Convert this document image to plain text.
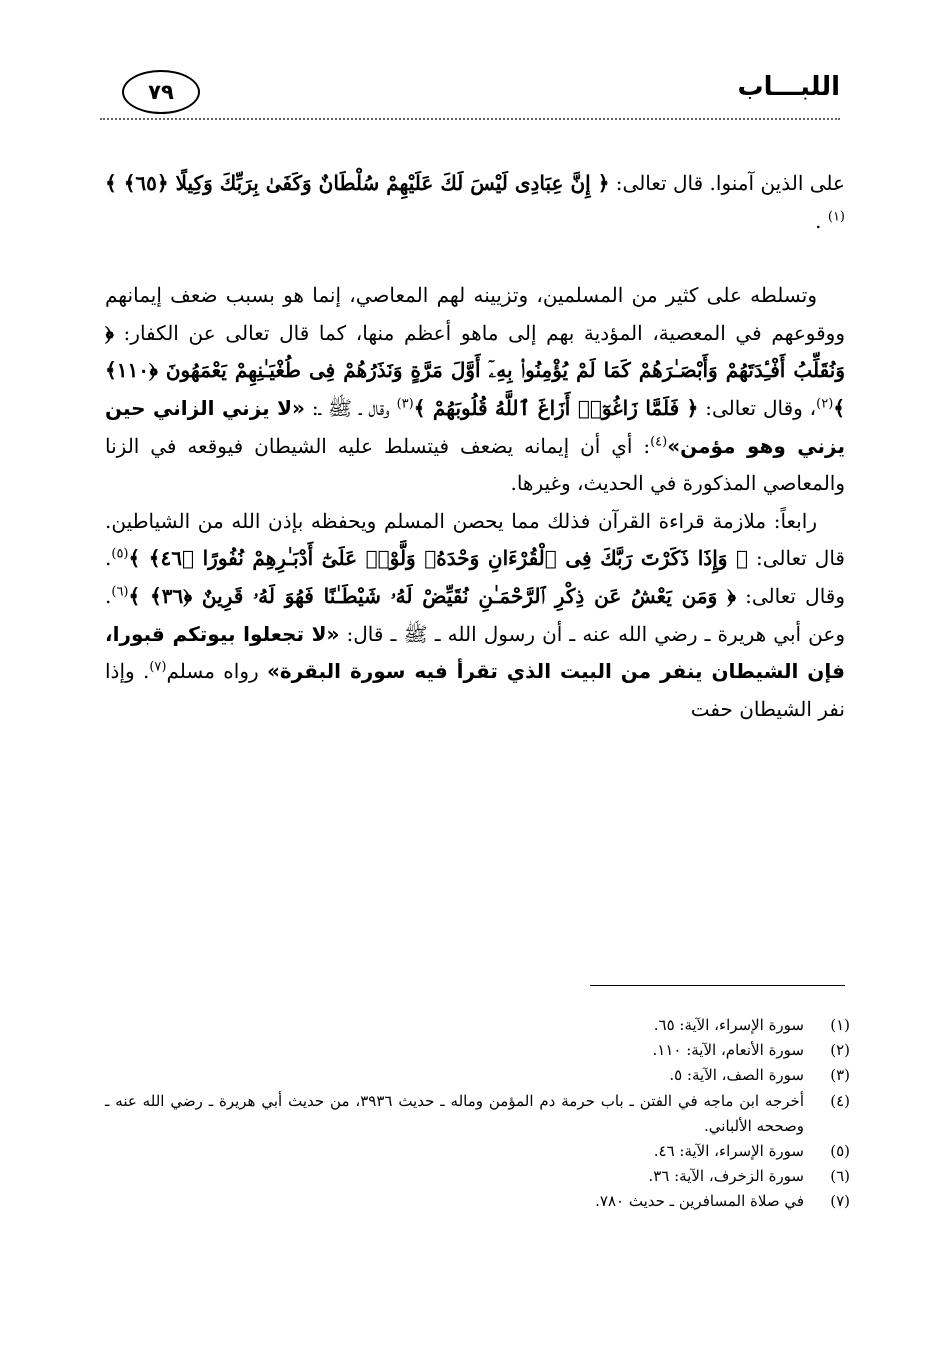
اللبـــاب
٧٩

على الذين آمنوا. قال تعالى: ﴿ إِنَّ عِبَادِى لَيْسَ لَكَ عَلَيْهِمْ سُلْطَانٌ وَكَفَىٰ بِرَبِّكَ وَكِيلًا ﴿٦٥﴾ ﴾$^{(١)}$ .

وتسلطه على كثير من المسلمين، وتزيينه لهم المعاصي، إنما هو بسبب ضعف إيمانهم ووقوعهم في المعصية، المؤدية بهم إلى ماهو أعظم منها، كما قال تعالى عن الكفار: ﴿ وَنُقَلِّبُ أَفْـِٔدَتَهُمْ وَأَبْصَـٰرَهُمْ كَمَا لَمْ يُؤْمِنُوا۟ بِهِۦٓ أَوَّلَ مَرَّةٍ وَنَذَرُهُمْ فِى طُغْيَـٰنِهِمْ يَعْمَهُونَ ﴿١١٠﴾ ﴾$^{(٢)}$، وقال تعالى: ﴿ فَلَمَّا زَاغُوٓا۟ أَزَاغَ ٱللَّهُ قُلُوبَهُمْ ﴾$^{(٣)}$ وقال ـ ﷺ ـ: «لا يزني الزاني حين يزني وهو مؤمن»$^{(٤)}$: أي أن إيمانه يضعف فيتسلط عليه الشيطان فيوقعه في الزنا والمعاصي المذكورة في الحديث، وغيرها.

رابعاً: ملازمة قراءة القرآن فذلك مما يحصن المسلم ويحفظه بإذن الله من الشياطين. قال تعالى: ﴿ وَإِذَا ذَكَرْتَ رَبَّكَ فِى ٱلْقُرْءَانِ وَحْدَهُۥ وَلَّوْا۟ عَلَىٰٓ أَدْبَـٰرِهِمْ نُفُورًا ﴿٤٦﴾ ﴾$^{(٥)}$. وقال تعالى: ﴿ وَمَن يَعْشُ عَن ذِكْرِ ٱلرَّحْمَـٰنِ نُقَيِّضْ لَهُۥ شَيْطَـٰنًا فَهُوَ لَهُۥ قَرِينٌ ﴿٣٦﴾ ﴾$^{(٦)}$. وعن أبي هريرة ـ رضي الله عنه ـ أن رسول الله ـ ﷺ ـ قال: «لا تجعلوا بيوتكم قبورا، فإن الشيطان ينفر من البيت الذي تقرأ فيه سورة البقرة» رواه مسلم$^{(٧)}$. وإذا نفر الشيطان حفت

(١)
سورة الإسراء، الآية: ٦٥.
(٢)
سورة الأنعام، الآية: ١١٠.
(٣)
سورة الصف، الآية: ٥.
(٤)
أخرجه ابن ماجه في الفتن ـ باب حرمة دم المؤمن وماله ـ حديث ٣٩٣٦، من حديث أبي هريرة ـ رضي الله عنه ـ وصححه الألباني.
(٥)
سورة الإسراء، الآية: ٤٦.
(٦)
سورة الزخرف، الآية: ٣٦.
(٧)
في صلاة المسافرين ـ حديث ٧٨٠.
